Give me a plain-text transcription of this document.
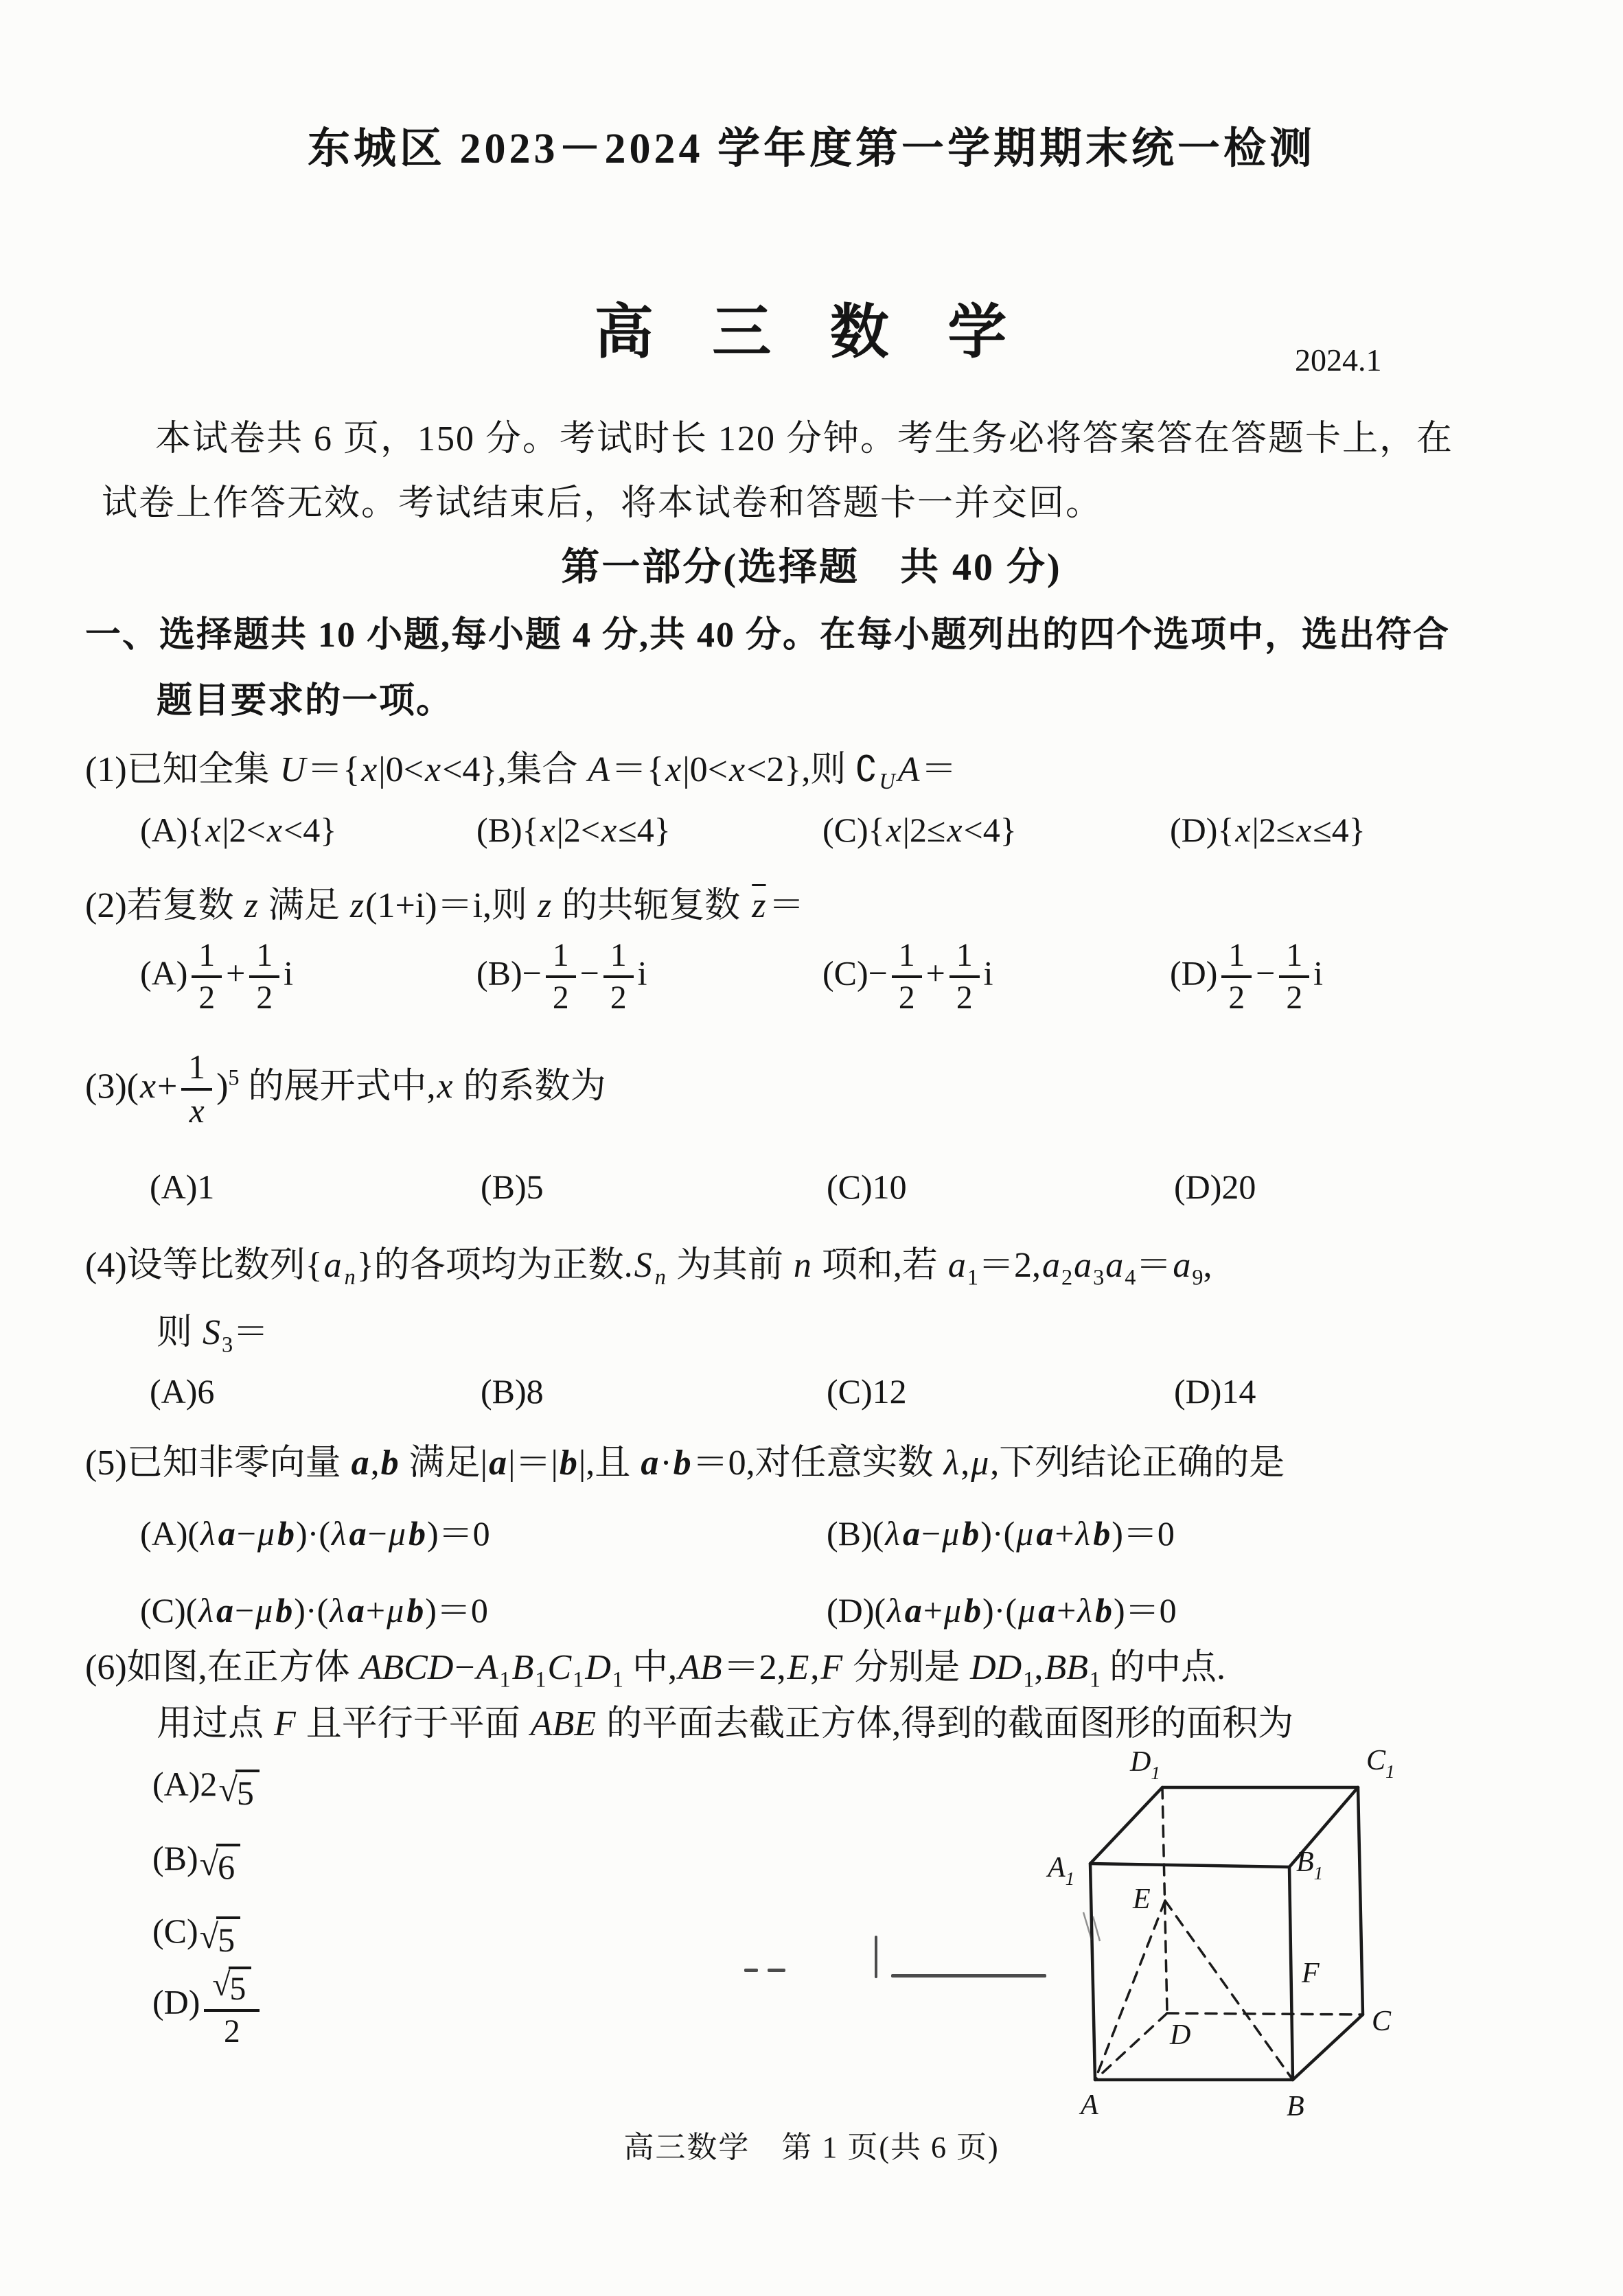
东城区 2023－2024 学年度第一学期期末统一检测
高 三 数 学	2024.1
本试卷共 6 页，150 分。考试时长 120 分钟。考生务必将答案答在答题卡上，在
试卷上作答无效。考试结束后，将本试卷和答题卡一并交回。
第一部分(选择题　共 40 分)
一、选择题共 10 小题,每小题 4 分,共 40 分。在每小题列出的四个选项中，选出符合
题目要求的一项。
(1)已知全集 U＝{x|0<x<4},集合 A＝{x|0<x<2},则 $∁_UA=$
(A){x|2<x<4}	(B){x|2<x≤4}	(C){x|2≤x<4}	(D){x|2≤x≤4}
(2)若复数 z 满足 z(1+i)＝i,则 z 的共轭复数 $\overline{z}=$
$(A) \frac{1}{2} + \frac{1}{2}$ i	$(B)- \frac{1}{2} - \frac{1}{2}$ i	$(C)- \frac{1}{2} + \frac{1}{2}$ i	$(D) \frac{1}{2} - \frac{1}{2}$ i
$(3)(x+ \frac{1}{x} )^5$ 的展开式中,x 的系数为
(A)1	(B)5	(C)10	(D)20
(4)设等比数列{a $_n$}的各项均为正数.S $_n$ 为其前 n 项和,若 $a_1=2,a_2a_3a_4=a_9$,
则 $S_3=$
(A)6	(B)8	(C)12	(D)14
(5)已知非零向量 a,b 满足|a|＝|b|,且 a·b＝0,对任意实数 λ,μ,下列结论正确的是
(A)(λa−μb)·(λa−μb)＝0	(B)(λa−μb)·(μa+λb)＝0
(C)(λa−μb)·(λa+μb)＝0	(D)(λa+μb)·(μa+λb)＝0
(6)如图,在正方体 $ABCD-A_1B_1C_1D_1$ 中,AB＝2,E,F 分别是 $DD_1,BB_1$ 的中点.
用过点 F 且平行于平面 ABE 的平面去截正方体,得到的截面图形的面积为
(A)2 √ 5
(B) √ 6
(C) √ 5
$(D) \frac{√ 5}{2}$
$D_1$	$C_1$
$A_1$
$B_1$
E
F
A	B
C
D
高三数学　第 1 页(共 6 页)
